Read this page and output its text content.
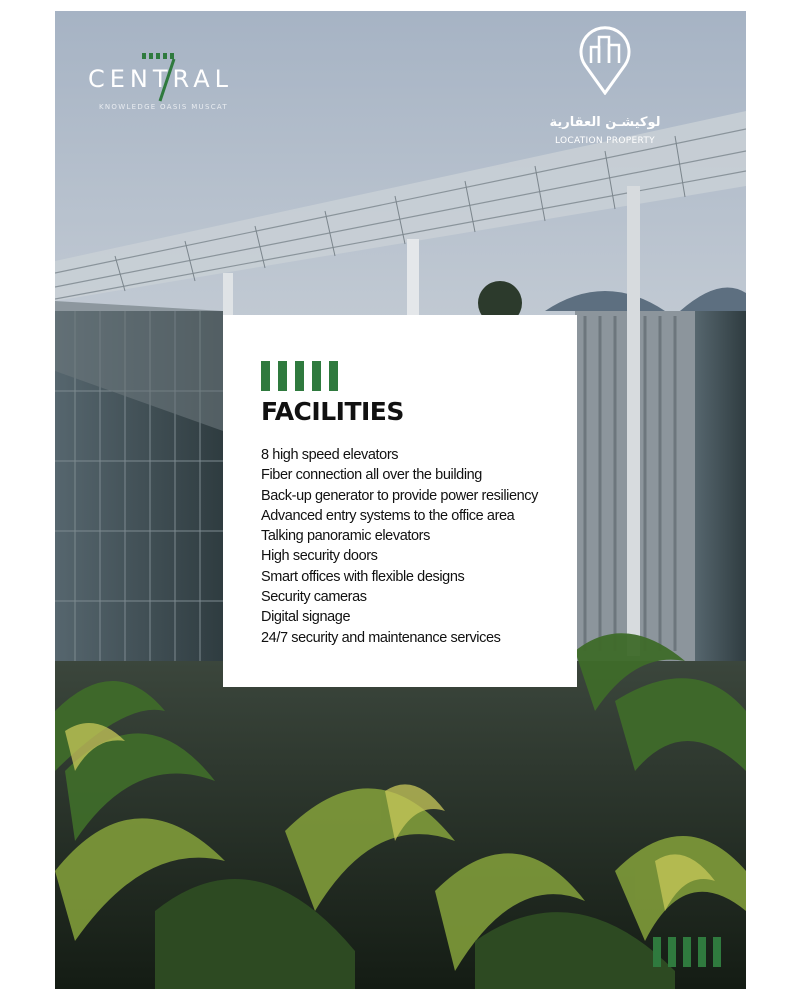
CENTRAL
KNOWLEDGE OASIS MUSCAT
لوكيشـن العقارية
LOCATION PROPERTY
FACILITIES
8 high speed elevators
Fiber connection all over the building
Back-up generator to provide power resiliency
Advanced entry systems to the office area
Talking panoramic elevators
High security doors
Smart offices with flexible designs
Security cameras
Digital signage
24/7 security and maintenance services
